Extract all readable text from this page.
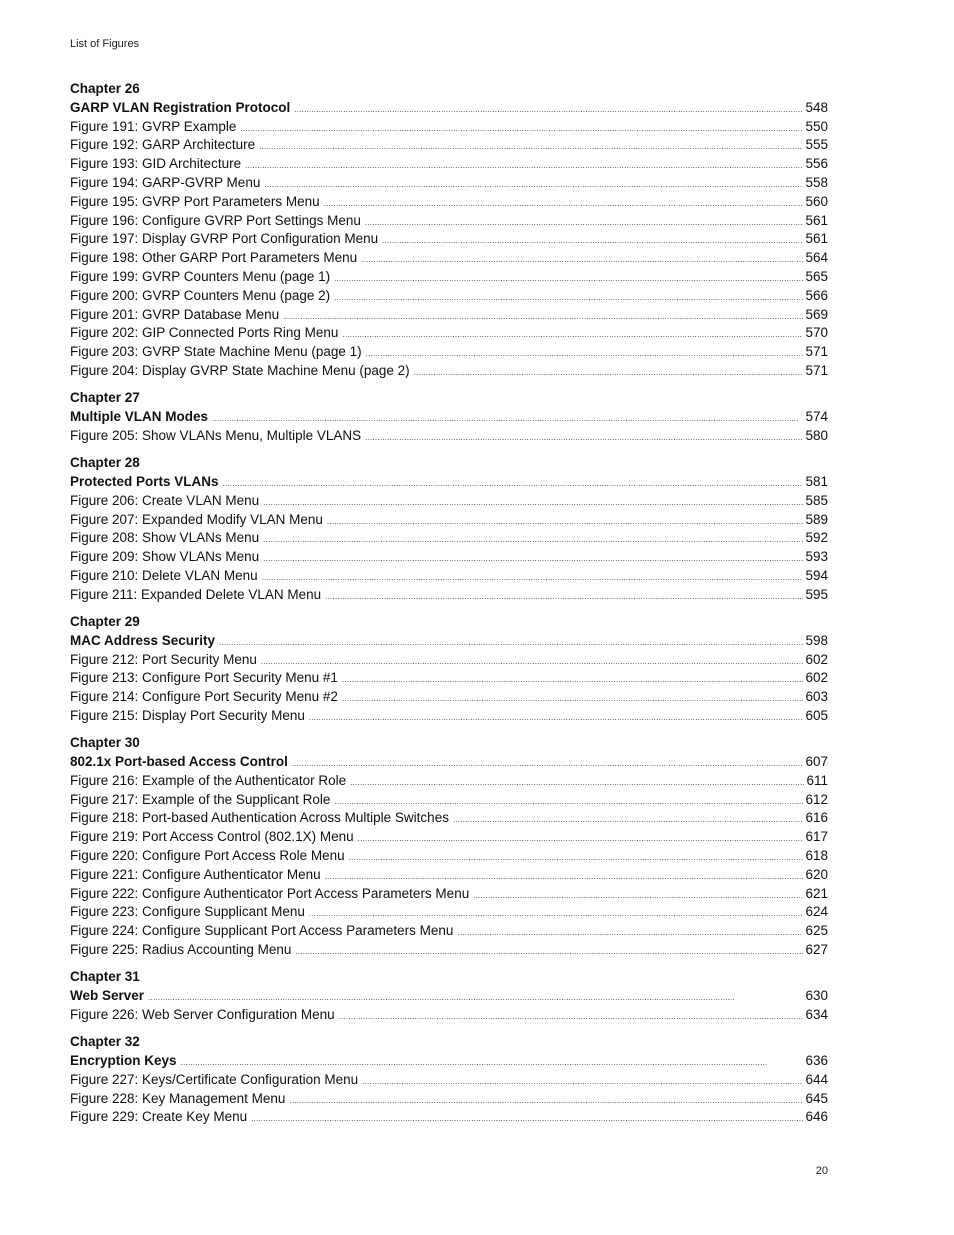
List of Figures
Chapter 26
GARP VLAN Registration Protocol . . .	548
Figure 191: GVRP Example . . .	550
Figure 192: GARP Architecture . . .	555
Figure 193: GID Architecture . . .	556
Figure 194: GARP-GVRP Menu . . .	558
Figure 195: GVRP Port Parameters Menu . . .	560
Figure 196: Configure GVRP Port Settings Menu . . .	561
Figure 197: Display GVRP Port Configuration Menu . . .	561
Figure 198: Other GARP Port Parameters Menu . . .	564
Figure 199: GVRP Counters Menu (page 1) . . .	565
Figure 200: GVRP Counters Menu (page 2) . . .	566
Figure 201: GVRP Database Menu . . .	569
Figure 202: GIP Connected Ports Ring Menu . . .	570
Figure 203: GVRP State Machine Menu (page 1) . . .	571
Figure 204: Display GVRP State Machine Menu (page 2) . . .	571
Chapter 27
Multiple VLAN Modes . . .	574
Figure 205: Show VLANs Menu, Multiple VLANS . . .	580
Chapter 28
Protected Ports VLANs . . .	581
Figure 206: Create VLAN Menu . . .	585
Figure 207: Expanded Modify VLAN Menu . . .	589
Figure 208: Show VLANs Menu . . .	592
Figure 209: Show VLANs Menu . . .	593
Figure 210: Delete VLAN Menu . . .	594
Figure 211: Expanded Delete VLAN Menu . . .	595
Chapter 29
MAC Address Security . . .	598
Figure 212: Port Security Menu . . .	602
Figure 213: Configure Port Security Menu #1 . . .	602
Figure 214: Configure Port Security Menu #2 . . .	603
Figure 215: Display Port Security Menu . . .	605
Chapter 30
802.1x Port-based Access Control . . .	607
Figure 216: Example of the Authenticator Role . . .	611
Figure 217: Example of the Supplicant Role . . .	612
Figure 218: Port-based Authentication Across Multiple Switches . . .	616
Figure 219: Port Access Control (802.1X) Menu . . .	617
Figure 220: Configure Port Access Role Menu . . .	618
Figure 221: Configure Authenticator Menu . . .	620
Figure 222: Configure Authenticator Port Access Parameters Menu . . .	621
Figure 223: Configure Supplicant Menu . . .	624
Figure 224: Configure Supplicant Port Access Parameters Menu . . .	625
Figure 225: Radius Accounting Menu . . .	627
Chapter 31
Web Server . . .	630
Figure 226: Web Server Configuration Menu . . .	634
Chapter 32
Encryption Keys . . .	636
Figure 227: Keys/Certificate Configuration Menu . . .	644
Figure 228: Key Management Menu . . .	645
Figure 229: Create Key Menu . . .	646
20
